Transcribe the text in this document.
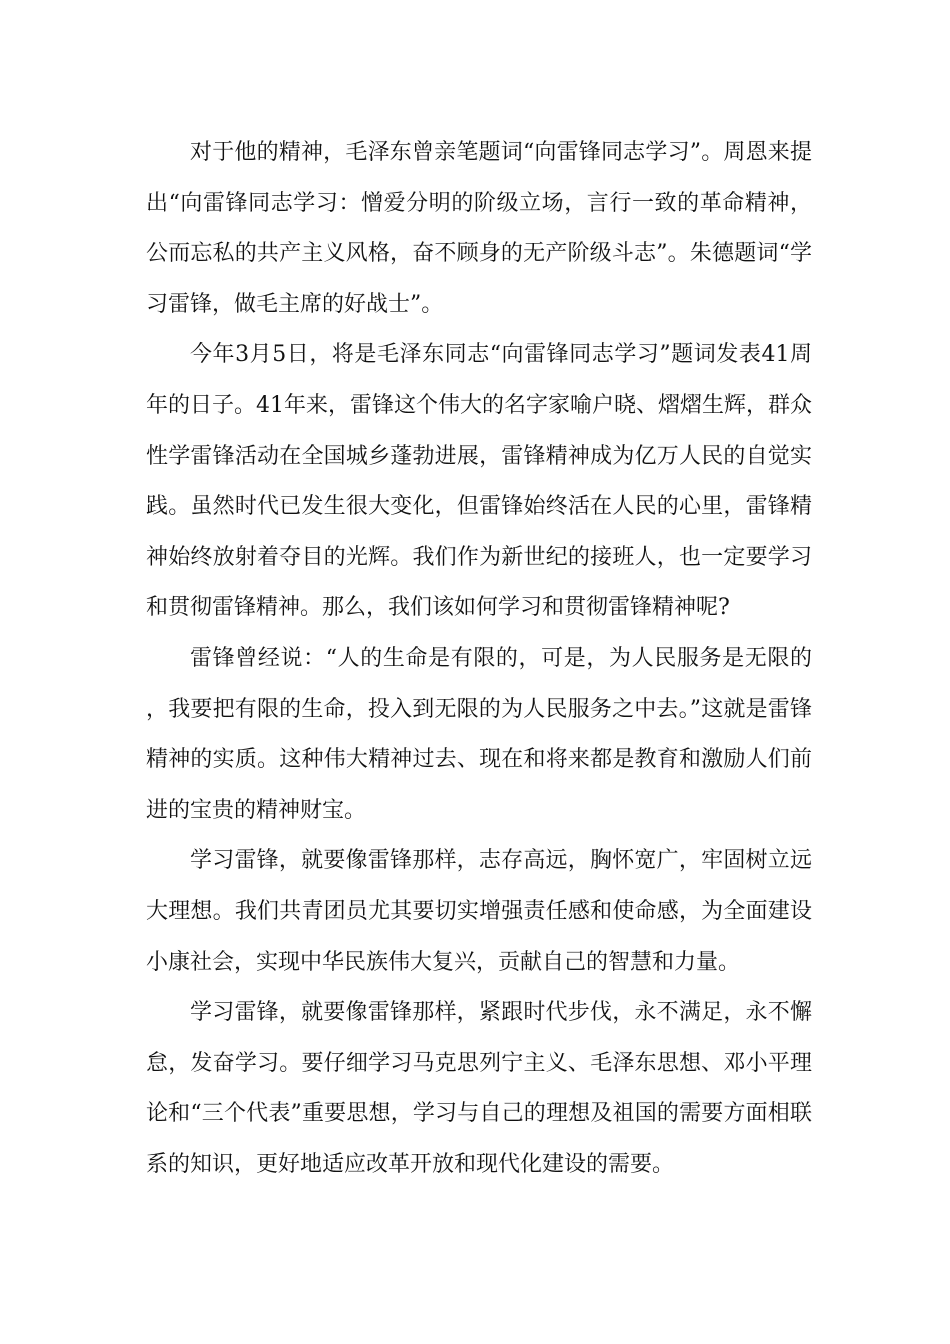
对于他的精神，毛泽东曾亲笔题词“向雷锋同志学习”。周恩来提出“向雷锋同志学习：憎爱分明的阶级立场，言行一致的革命精神，公而忘私的共产主义风格，奋不顾身的无产阶级斗志”。朱德题词“学习雷锋，做毛主席的好战士”。

今年3月5日，将是毛泽东同志“向雷锋同志学习”题词发表41周年的日子。41年来，雷锋这个伟大的名字家喻户晓、熠熠生辉，群众性学雷锋活动在全国城乡蓬勃进展，雷锋精神成为亿万人民的自觉实践。虽然时代已发生很大变化，但雷锋始终活在人民的心里，雷锋精神始终放射着夺目的光辉。我们作为新世纪的接班人，也一定要学习和贯彻雷锋精神。那么，我们该如何学习和贯彻雷锋精神呢?

雷锋曾经说：“人的生命是有限的，可是，为人民服务是无限的，我要把有限的生命，投入到无限的为人民服务之中去。”这就是雷锋精神的实质。这种伟大精神过去、现在和将来都是教育和激励人们前进的宝贵的精神财宝。

学习雷锋，就要像雷锋那样，志存高远，胸怀宽广，牢固树立远大理想。我们共青团员尤其要切实增强责任感和使命感，为全面建设小康社会，实现中华民族伟大复兴，贡献自己的智慧和力量。

学习雷锋，就要像雷锋那样，紧跟时代步伐，永不满足，永不懈怠，发奋学习。要仔细学习马克思列宁主义、毛泽东思想、邓小平理论和“三个代表”重要思想，学习与自己的理想及祖国的需要方面相联系的知识，更好地适应改革开放和现代化建设的需要。
